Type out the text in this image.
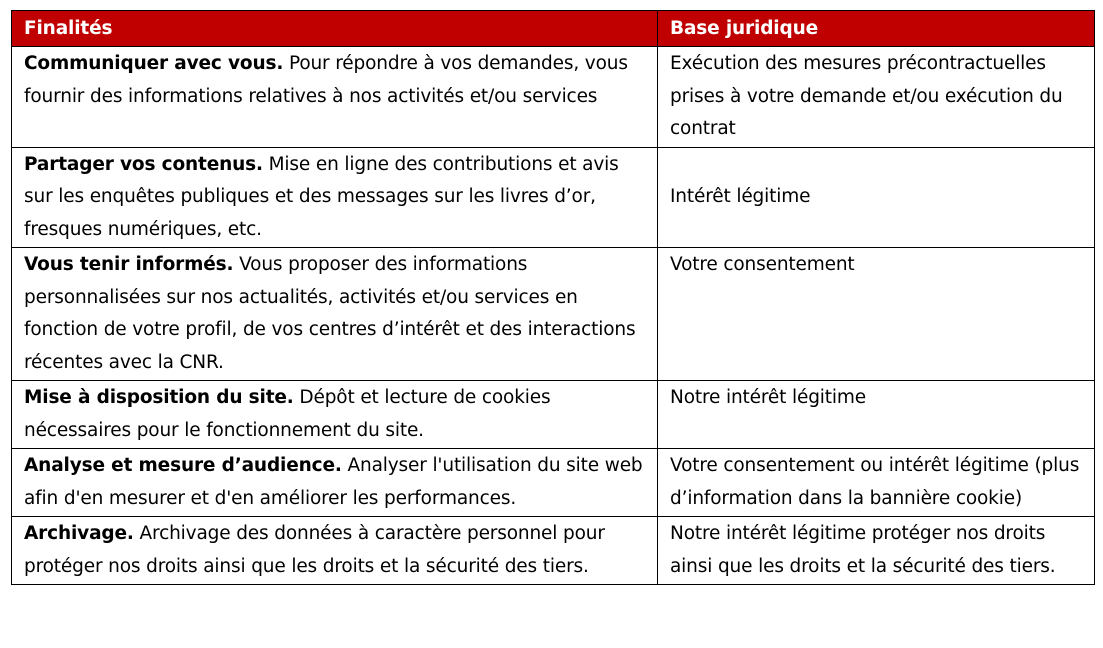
Finalités	Base juridique
Communiquer avec vous. Pour répondre à vos demandes, vous fournir des informations relatives à nos activités et/ou services	Exécution des mesures précontractuelles prises à votre demande et/ou exécution du contrat
Partager vos contenus. Mise en ligne des contributions et avis sur les enquêtes publiques et des messages sur les livres d’or, fresques numériques, etc.	Intérêt légitime
Vous tenir informés. Vous proposer des informations personnalisées sur nos actualités, activités et/ou services en fonction de votre profil, de vos centres d’intérêt et des interactions récentes avec la CNR.	Votre consentement
Mise à disposition du site. Dépôt et lecture de cookies nécessaires pour le fonctionnement du site.	Notre intérêt légitime
Analyse et mesure d’audience. Analyser l'utilisation du site web afin d'en mesurer et d'en améliorer les performances.	Votre consentement ou intérêt légitime (plus d’information dans la bannière cookie)
Archivage. Archivage des données à caractère personnel pour protéger nos droits ainsi que les droits et la sécurité des tiers.	Notre intérêt légitime protéger nos droits ainsi que les droits et la sécurité des tiers.
